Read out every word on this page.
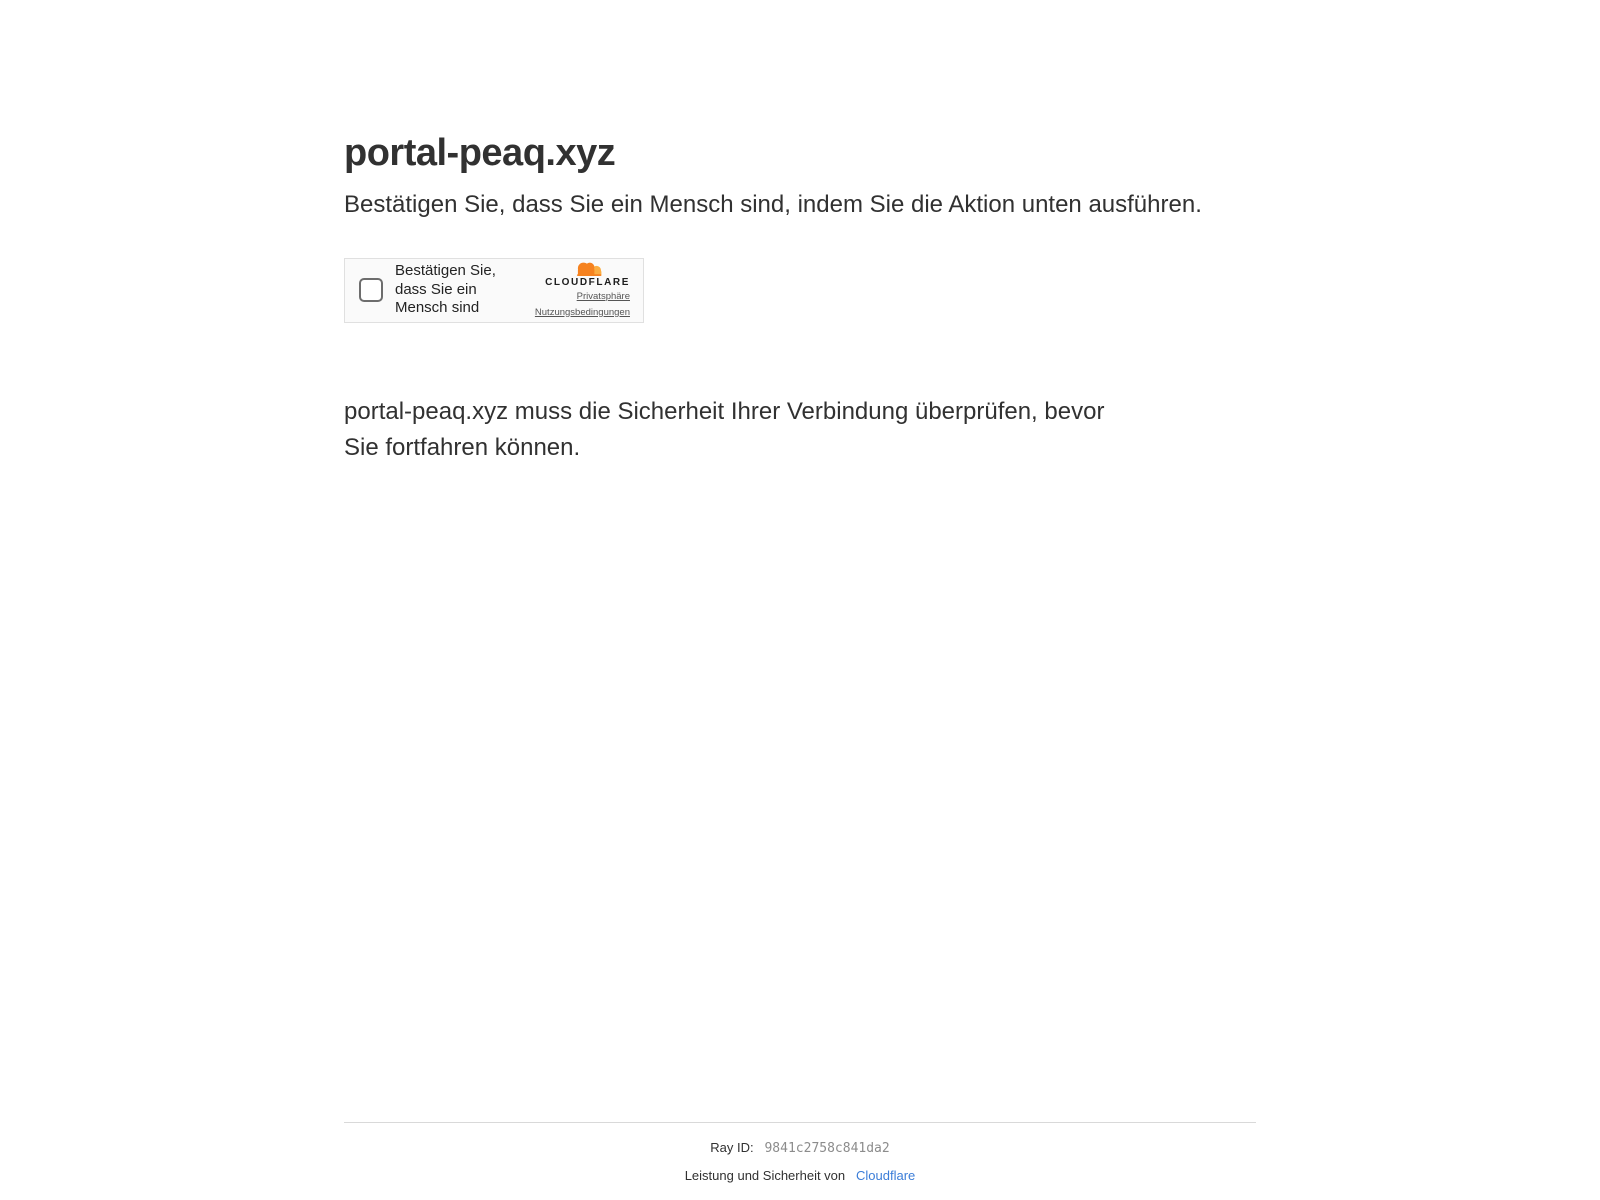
portal-peaq.xyz

Bestätigen Sie, dass Sie ein Mensch sind, indem Sie die Aktion unten ausführen.

Bestätigen Sie, dass Sie ein Mensch sind
CLOUDFLARE
Privatsphäre
Nutzungsbedingungen

portal-peaq.xyz muss die Sicherheit Ihrer Verbindung überprüfen, bevor Sie fortfahren können.

Ray ID: 9841c2758c841da2
Leistung und Sicherheit von Cloudflare
